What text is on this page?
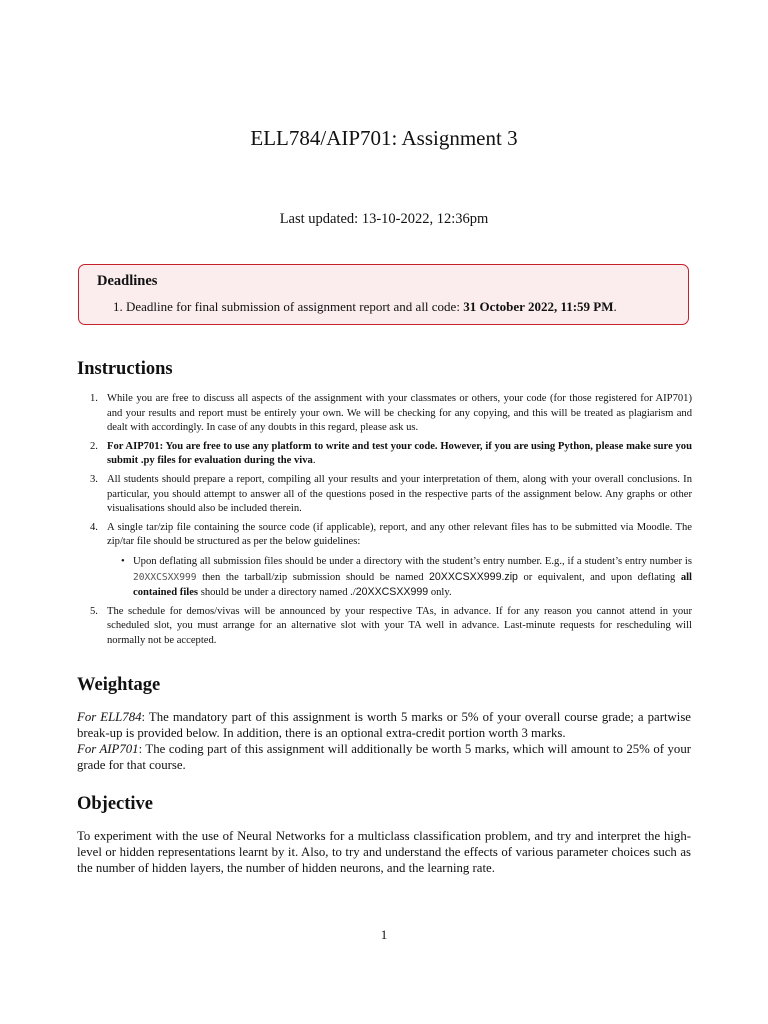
ELL784/AIP701: Assignment 3
Last updated: 13-10-2022, 12:36pm
Deadlines
1. Deadline for final submission of assignment report and all code: 31 October 2022, 11:59 PM.
Instructions
1. While you are free to discuss all aspects of the assignment with your classmates or others, your code (for those registered for AIP701) and your results and report must be entirely your own. We will be checking for any copying, and this will be treated as plagiarism and dealt with accordingly. In case of any doubts in this regard, please ask us.
2. For AIP701: You are free to use any platform to write and test your code. However, if you are using Python, please make sure you submit .py files for evaluation during the viva.
3. All students should prepare a report, compiling all your results and your interpretation of them, along with your overall conclusions. In particular, you should attempt to answer all of the questions posed in the respective parts of the assignment below. Any graphs or other visualisations should also be included therein.
4. A single tar/zip file containing the source code (if applicable), report, and any other relevant files has to be submitted via Moodle. The zip/tar file should be structured as per the below guidelines:
• Upon deflating all submission files should be under a directory with the student’s entry number. E.g., if a student’s entry number is 20XXCSXX999 then the tarball/zip submission should be named 20XXCSXX999.zip or equivalent, and upon deflating all contained files should be under a directory named ./20XXCSXX999 only.
5. The schedule for demos/vivas will be announced by your respective TAs, in advance. If for any reason you cannot attend in your scheduled slot, you must arrange for an alternative slot with your TA well in advance. Last-minute requests for rescheduling will normally not be accepted.
Weightage
For ELL784: The mandatory part of this assignment is worth 5 marks or 5% of your overall course grade; a partwise break-up is provided below. In addition, there is an optional extra-credit portion worth 3 marks.
For AIP701: The coding part of this assignment will additionally be worth 5 marks, which will amount to 25% of your grade for that course.
Objective
To experiment with the use of Neural Networks for a multiclass classification problem, and try and interpret the high-level or hidden representations learnt by it. Also, to try and understand the effects of various parameter choices such as the number of hidden layers, the number of hidden neurons, and the learning rate.
1
